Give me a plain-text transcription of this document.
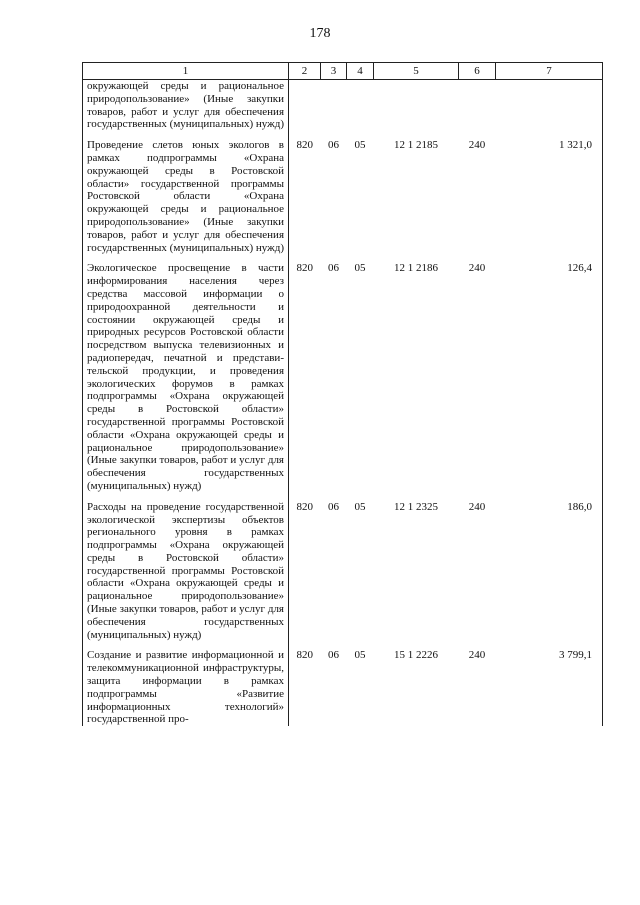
178
1	2	3	4	5	6	7
окружающей среды и рациональное природопользование» (Иные закупки товаров, работ и услуг для обеспечения государственных (муниципальных) нужд)						
Проведение слетов юных экологов в рамках подпрограммы «Охрана окружающей среды в Ростовской области» государственной программы Ростовской области «Охрана окружающей среды и рациональное природопользование» (Иные закупки товаров, работ и услуг для обеспечения государственных (муниципальных) нужд)	820	06	05	12 1 2185	240	1 321,0
Экологическое просвещение в части информирования населения через средства массовой информации о природоохранной деятельности и состоянии окружающей среды и природных ресурсов Ростовской области посредством выпуска телевизионных и радиопередач, печатной и представительской продукции, и проведения экологических форумов в рамках подпрограммы «Охрана окружающей среды в Ростовской области» государственной программы Ростовской области «Охрана окружающей среды и рациональное природопользование» (Иные закупки товаров, работ и услуг для обеспечения государственных (муниципальных) нужд)	820	06	05	12 1 2186	240	126,4
Расходы на проведение государственной экологической экспертизы объектов регионального уровня в рамках подпрограммы «Охрана окружающей среды в Ростовской области» государственной программы Ростовской области «Охрана окружающей среды и рациональное природопользование» (Иные закупки товаров, работ и услуг для обеспечения государственных (муниципальных) нужд)	820	06	05	12 1 2325	240	186,0
Создание и развитие информационной и телекоммуникационной инфраструктуры, защита информации в рамках подпрограммы «Развитие информационных технологий» государственной про-	820	06	05	15 1 2226	240	3 799,1
